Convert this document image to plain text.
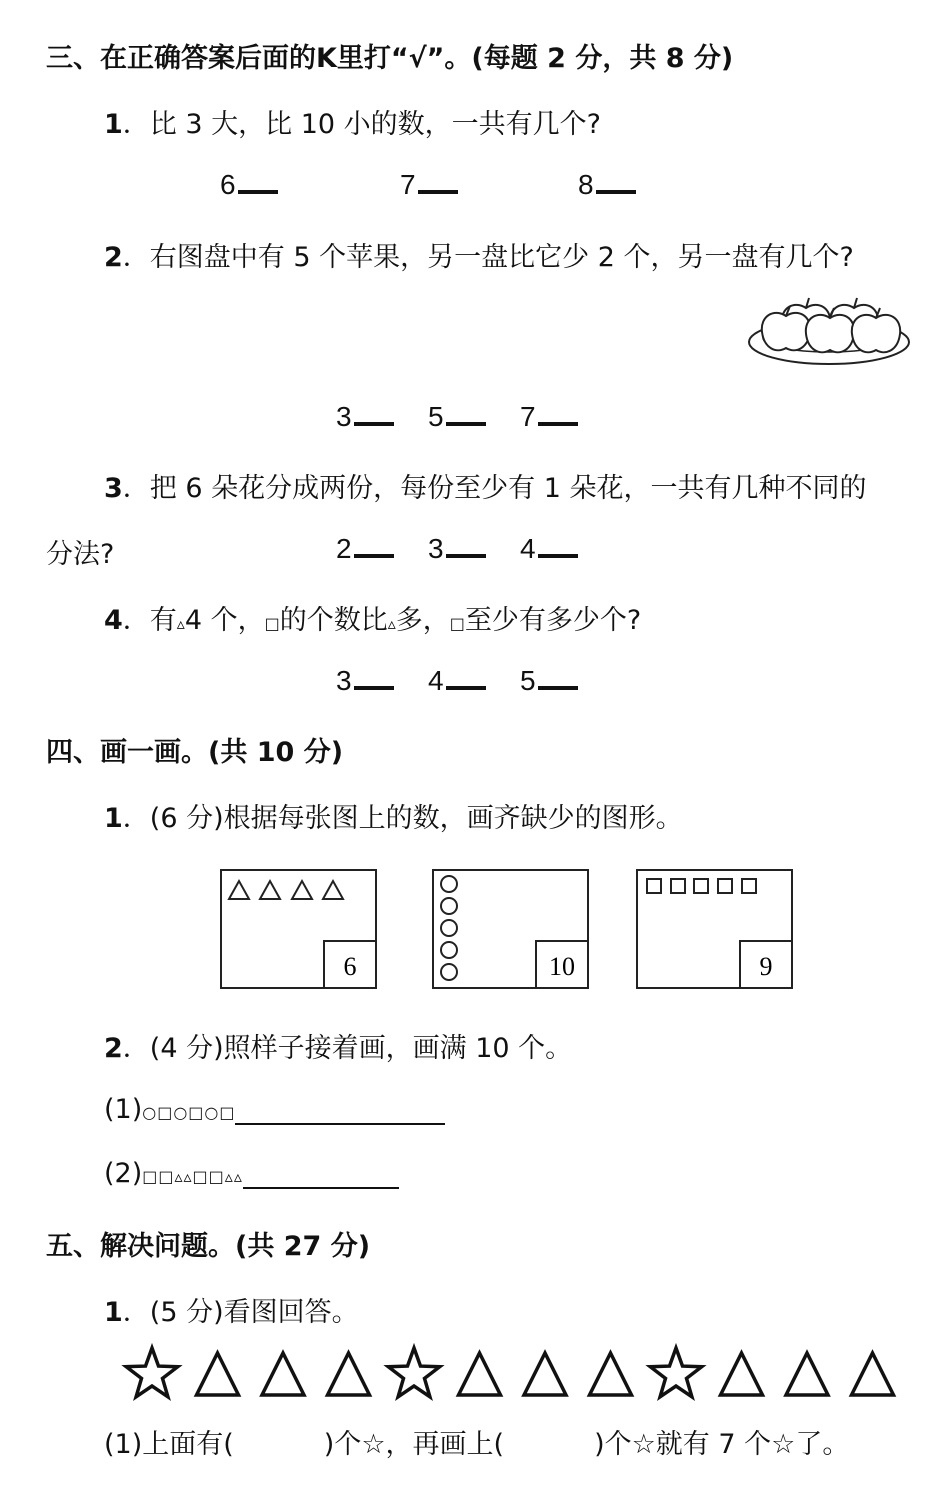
三、在正确答案后面的Κ里打“√”。(每题 2 分，共 8 分)
1．比 3 大，比 10 小的数，一共有几个?
6	7	8
2．右图盘中有 5 个苹果，另一盘比它少 2 个，另一盘有几个?
3	5	7
3．把 6 朵花分成两份，每份至少有 1 朵花，一共有几种不同的
分法?	2	3	4
4．有▵4 个，□的个数比▵多，□至少有多少个?
3	4	5
四、画一画。(共 10 分)
1．(6 分)根据每张图上的数，画齐缺少的图形。
6	10	9
2．(4 分)照样子接着画，画满 10 个。
(1)○□○□○□
(2)□□▵▵□□▵▵
五、解决问题。(共 27 分)
1．(5 分)看图回答。
(1)上面有(	)个☆，再画上(	)个☆就有 7 个☆了。
